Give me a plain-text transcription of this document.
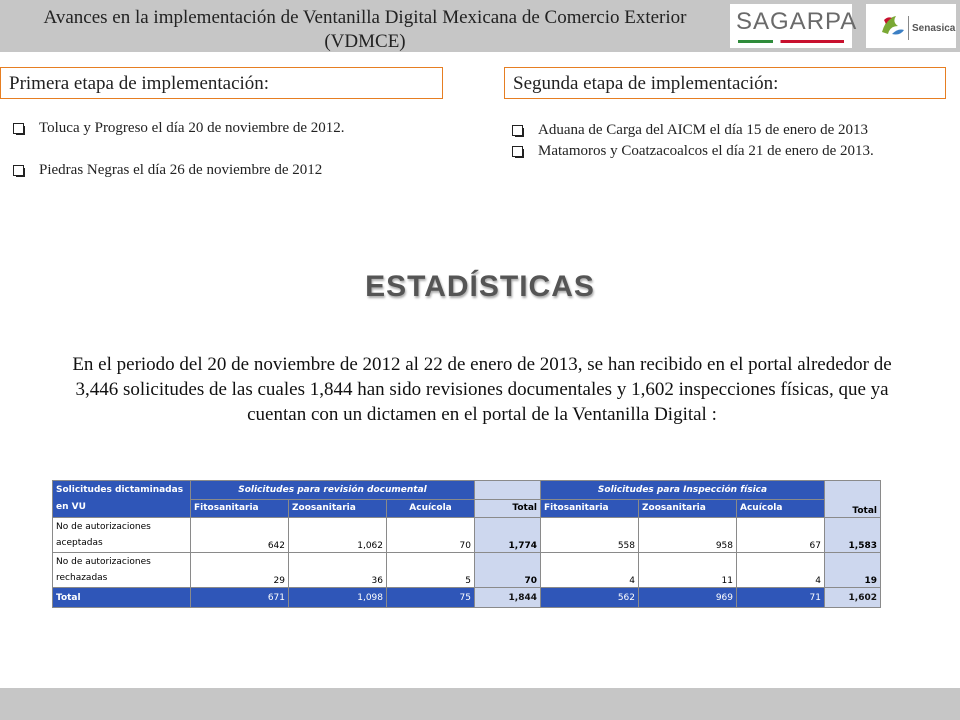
Avances en la implementación de Ventanilla Digital Mexicana de Comercio Exterior (VDMCE)
SAGARPA	Senasica
Primera etapa de implementación:	Segunda etapa de implementación:
Toluca y Progreso el día 20 de noviembre de 2012.
Piedras Negras el día 26 de noviembre de 2012
Aduana de Carga del AICM el día 15 de enero de 2013
Matamoros y Coatzacoalcos el día 21 de enero de 2013.
ESTADÍSTICAS
En el periodo del 20 de noviembre de 2012 al 22 de enero de 2013, se han recibido en el portal alrededor de 3,446 solicitudes de las cuales 1,844 han sido revisiones documentales y 1,602 inspecciones físicas, que ya cuentan con un dictamen en el portal de la Ventanilla Digital :
Solicitudes dictaminadas en VU	Solicitudes para revisión documental				Solicitudes para Inspección física			Total
	Fitosanitaria	Zoosanitaria	Acuícola	Total	Fitosanitaria	Zoosanitaria	Acuícola	
No de autorizaciones aceptadas	642	1,062	70	1,774	558	958	67	1,583
No de autorizaciones rechazadas	29	36	5	70	4	11	4	19
Total	671	1,098	75	1,844	562	969	71	1,602
